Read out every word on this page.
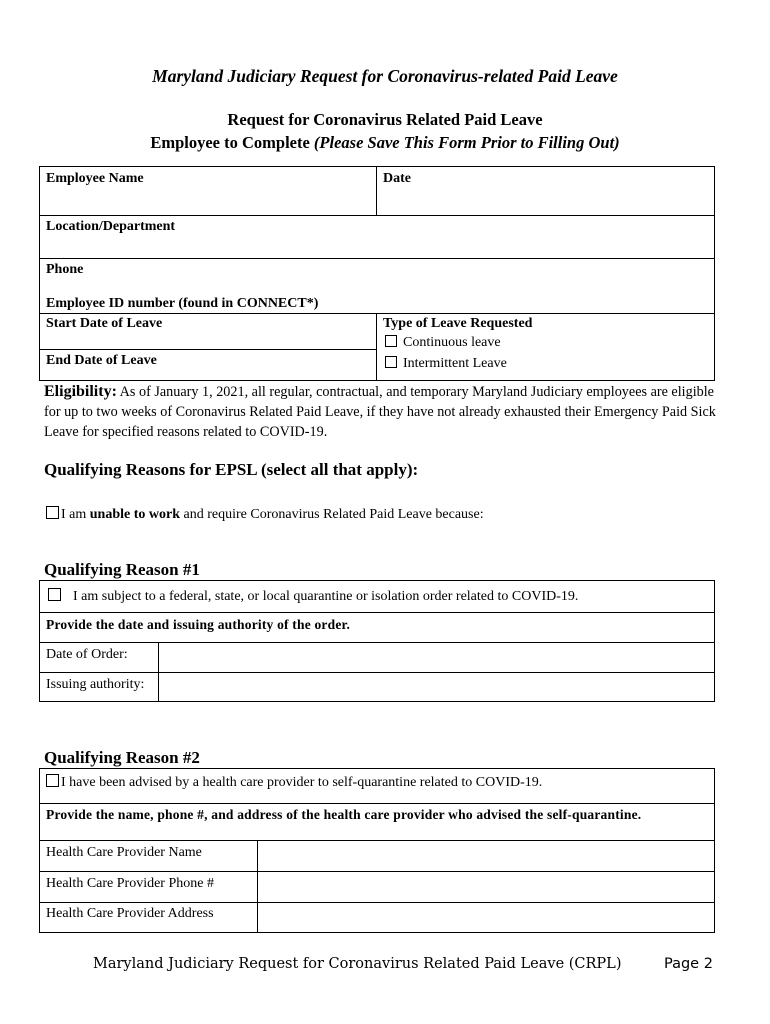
Maryland Judiciary Request for Coronavirus-related Paid Leave
Request for Coronavirus Related Paid Leave
Employee to Complete (Please Save This Form Prior to Filling Out)
Employee Name	Date
Location/Department
Phone
Employee ID number (found in CONNECT*)
Start Date of Leave
End Date of Leave
Type of Leave Requested
Continuous leave
Intermittent Leave
Eligibility: As of January 1, 2021, all regular, contractual, and temporary Maryland Judiciary employees are eligible for up to two weeks of Coronavirus Related Paid Leave, if they have not already exhausted their Emergency Paid Sick Leave for specified reasons related to COVID-19.
Qualifying Reasons for EPSL (select all that apply):
I am unable to work and require Coronavirus Related Paid Leave because:
Qualifying Reason #1
I am subject to a federal, state, or local quarantine or isolation order related to COVID-19.
Provide the date and issuing authority of the order.
Date of Order:
Issuing authority:
Qualifying Reason #2
I have been advised by a health care provider to self-quarantine related to COVID-19.
Provide the name, phone #, and address of the health care provider who advised the self-quarantine.
Health Care Provider Name
Health Care Provider Phone #
Health Care Provider Address
Maryland Judiciary Request for Coronavirus Related Paid Leave (CRPL)	Page 2
